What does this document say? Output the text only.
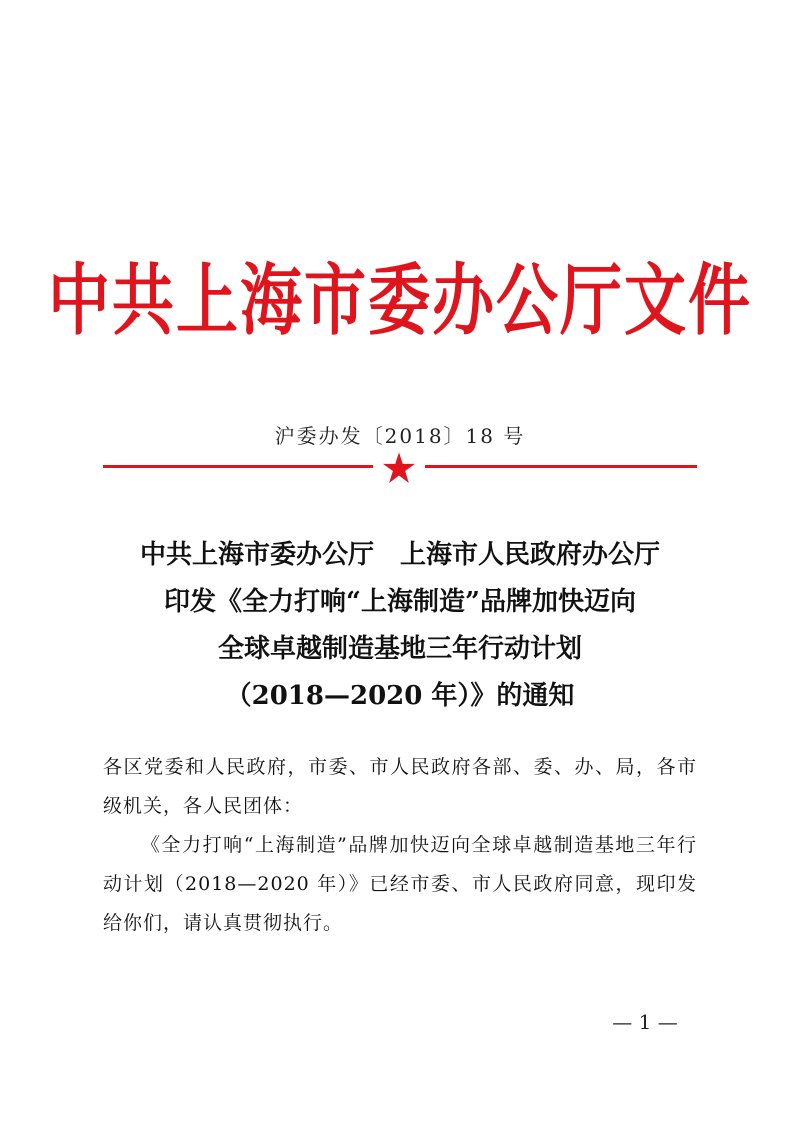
中共上海市委办公厅文件
沪委办发〔2018〕18 号
中共上海市委办公厅　上海市人民政府办公厅
印发《全力打响“上海制造”品牌加快迈向
全球卓越制造基地三年行动计划
（2018—2020 年）》的通知

各区党委和人民政府，市委、市人民政府各部、委、办、局，各市级机关，各人民团体：

《全力打响“上海制造”品牌加快迈向全球卓越制造基地三年行动计划（2018—2020 年）》已经市委、市人民政府同意，现印发给你们，请认真贯彻执行。

— 1 —
